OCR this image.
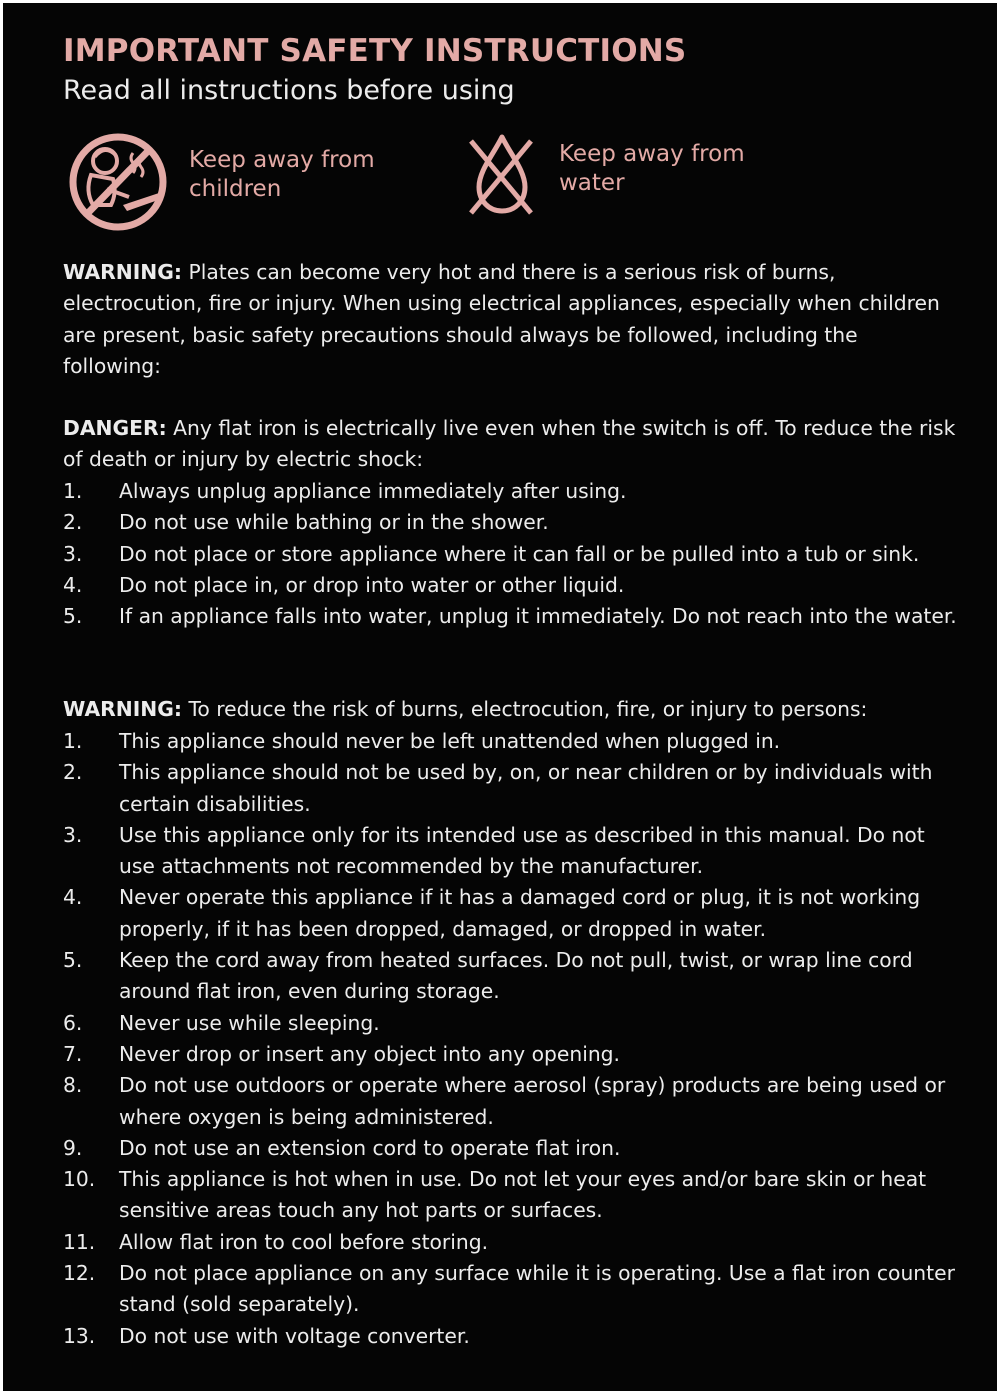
IMPORTANT SAFETY INSTRUCTIONS
Read all instructions before using
Keep away from
children
Keep away from
water
WARNING: Plates can become very hot and there is a serious risk of burns, electrocution, fire or injury. When using electrical appliances, especially when children are present, basic safety precautions should always be followed, including the following:
DANGER: Any flat iron is electrically live even when the switch is off. To reduce the risk of death or injury by electric shock:
1.	Always unplug appliance immediately after using.
2.	Do not use while bathing or in the shower.
3.	Do not place or store appliance where it can fall or be pulled into a tub or sink.
4.	Do not place in, or drop into water or other liquid.
5.	If an appliance falls into water, unplug it immediately. Do not reach into the water.
WARNING: To reduce the risk of burns, electrocution, fire, or injury to persons:
1.	This appliance should never be left unattended when plugged in.
2.	This appliance should not be used by, on, or near children or by individuals with certain disabilities.
3.	Use this appliance only for its intended use as described in this manual. Do not use attachments not recommended by the manufacturer.
4.	Never operate this appliance if it has a damaged cord or plug, it is not working properly, if it has been dropped, damaged, or dropped in water.
5.	Keep the cord away from heated surfaces. Do not pull, twist, or wrap line cord around flat iron, even during storage.
6.	Never use while sleeping.
7.	Never drop or insert any object into any opening.
8.	Do not use outdoors or operate where aerosol (spray) products are being used or where oxygen is being administered.
9.	Do not use an extension cord to operate flat iron.
10.	This appliance is hot when in use. Do not let your eyes and/or bare skin or heat sensitive areas touch any hot parts or surfaces.
11.	Allow flat iron to cool before storing.
12.	Do not place appliance on any surface while it is operating. Use a flat iron counter stand (sold separately).
13.	Do not use with voltage converter.
